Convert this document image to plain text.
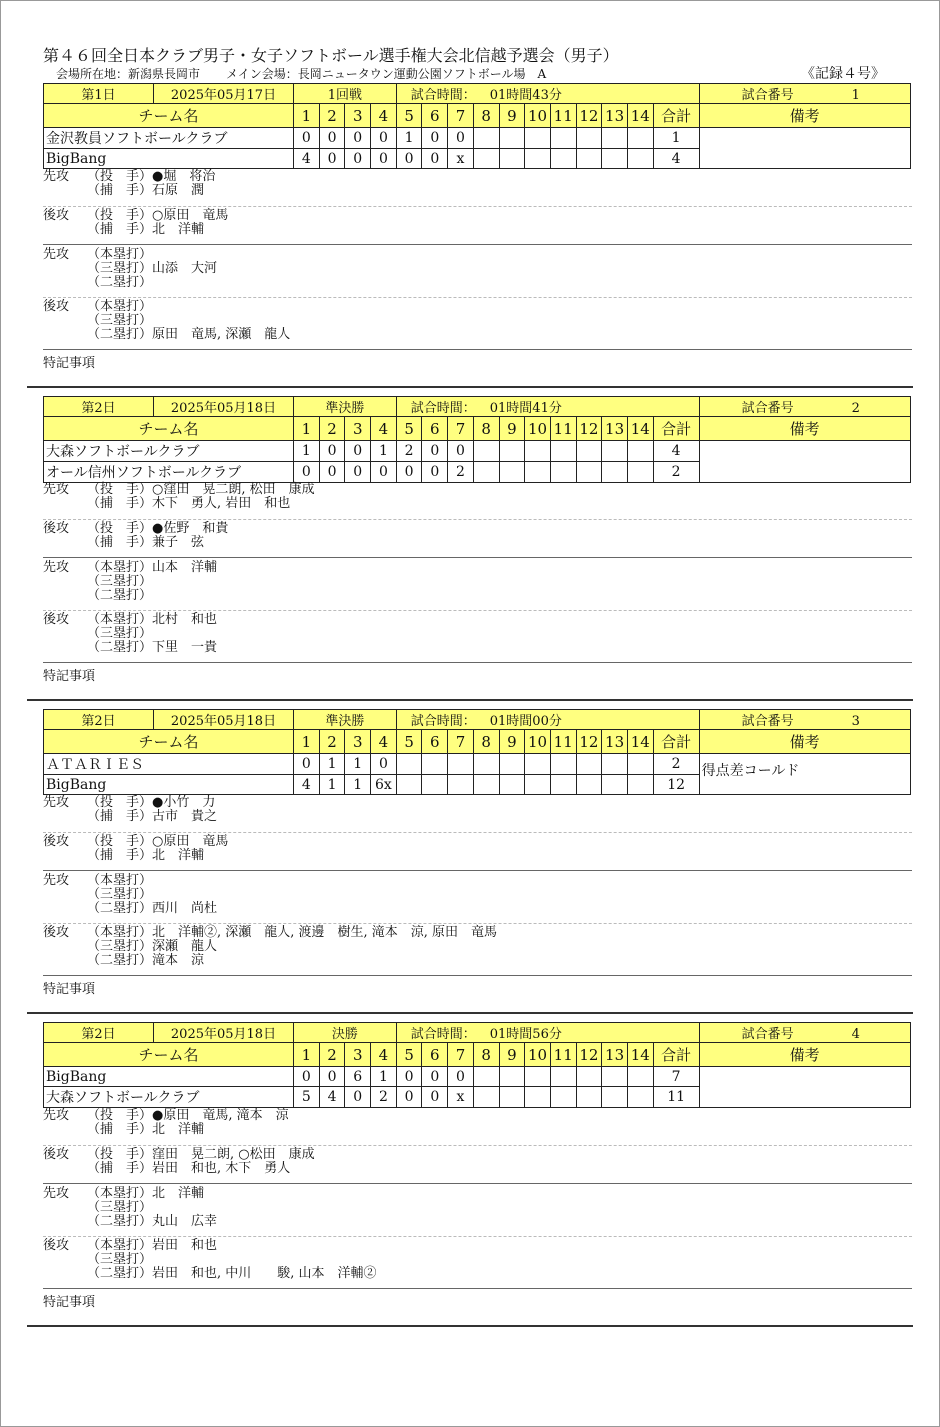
第４６回全日本クラブ男子・女子ソフトボール選手権大会北信越予選会（男子）
会場所在地：新潟県長岡市 メイン会場：長岡ニュータウン運動公園ソフトボール場　A	《記録４号》
第1日	2025年05月17日	1回戦				試合時間： 01時間43分											試合番号 1
チーム名		1	2	3	4	5	6	7	8	9	10	11	12	13	14	合計	備考
金沢教員ソフトボールクラブ		0	0	0	0	1	0	0								1	
BigBang		4	0	0	0	0	0	x								4	
先攻	（投　手） ●堀　将治
（捕　手） 石原　潤
後攻	（投　手） ○原田　竜馬
（捕　手） 北　洋輔
先攻	（本塁打）
（三塁打） 山添　大河
（二塁打）
後攻	（本塁打）
（三塁打）
（二塁打） 原田　竜馬, 深瀬　龍人
特記事項
第2日	2025年05月18日	準決勝				試合時間： 01時間41分											試合番号 2
チーム名		1	2	3	4	5	6	7	8	9	10	11	12	13	14	合計	備考
大森ソフトボールクラブ		1	0	0	1	2	0	0								4	
オール信州ソフトボールクラブ		0	0	0	0	0	0	2								2	
先攻	（投　手） ○窪田　晃二朗, 松田　康成
（捕　手） 木下　勇人, 岩田　和也
後攻	（投　手） ●佐野　和貴
（捕　手） 兼子　弦
先攻	（本塁打） 山本　洋輔
（三塁打）
（二塁打）
後攻	（本塁打） 北村　和也
（三塁打）
（二塁打） 下里　一貴
特記事項
第2日	2025年05月18日	準決勝				試合時間： 01時間00分											試合番号 3
チーム名		1	2	3	4	5	6	7	8	9	10	11	12	13	14	合計	備考
ＡＴＡＲＩＥＳ		0	1	1	0											2	得点差コールド
BigBang		4	1	1	6x											12	
先攻	（投　手） ●小竹　力
（捕　手） 古市　貴之
後攻	（投　手） ○原田　竜馬
（捕　手） 北　洋輔
先攻	（本塁打）
（三塁打）
（二塁打） 西川　尚杜
後攻	（本塁打） 北　洋輔②, 深瀬　龍人, 渡邊　樹生, 滝本　涼, 原田　竜馬
（三塁打） 深瀬　龍人
（二塁打） 滝本　涼
特記事項
第2日	2025年05月18日	決勝				試合時間： 01時間56分											試合番号 4
チーム名		1	2	3	4	5	6	7	8	9	10	11	12	13	14	合計	備考
BigBang		0	0	6	1	0	0	0								7	
大森ソフトボールクラブ		5	4	0	2	0	0	x								11	
先攻	（投　手） ●原田　竜馬, 滝本　涼
（捕　手） 北　洋輔
後攻	（投　手） 窪田　晃二朗, ○松田　康成
（捕　手） 岩田　和也, 木下　勇人
先攻	（本塁打） 北　洋輔
（三塁打）
（二塁打） 丸山　広幸
後攻	（本塁打） 岩田　和也
（三塁打）
（二塁打） 岩田　和也, 中川　　駿, 山本　洋輔②
特記事項
